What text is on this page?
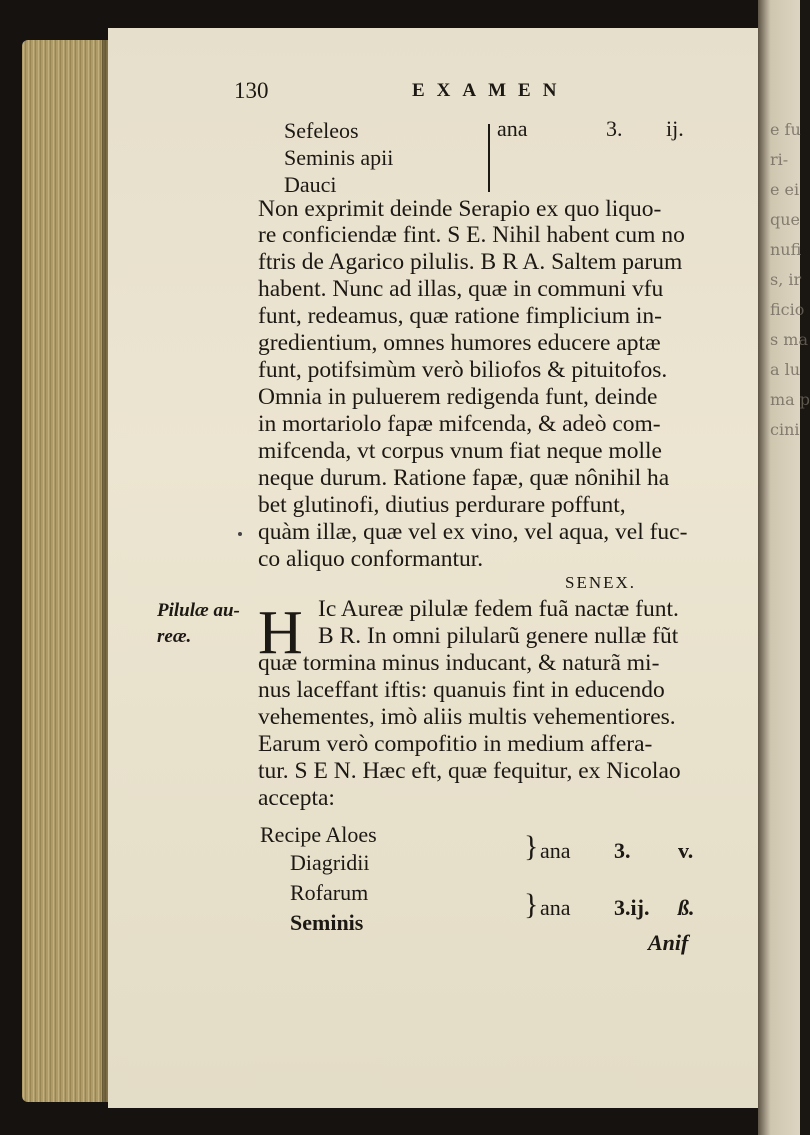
e fu
ri-
e ei
que
nufi
s, ir
ficio
s ma
a lu
ma p
cini
130	EXAMEN
Sefeleos
Seminis apii
Dauci
ana	3. ij.
Non exprimit deinde Serapio ex quo liquo-
re conficiendæ fint. S E. Nihil habent cum no
ftris de Agarico pilulis. B R A. Saltem parum
habent. Nunc ad illas, quæ in communi vfu
funt, redeamus, quæ ratione fimplicium in-
gredientium, omnes humores educere aptæ
funt, potifsimùm verò biliofos & pituitofos.
Omnia in puluerem redigenda funt, deinde
in mortariolo fapæ mifcenda, & adeò com-
mifcenda, vt corpus vnum fiat neque molle
neque durum. Ratione fapæ, quæ nônihil ha
bet glutinofi, diutius perdurare poffunt,
quàm illæ, quæ vel ex vino, vel aqua, vel fuc-
co aliquo conformantur.
SENEX.
Pilulæ au-
reæ. H Ic Aureæ pilulæ fedem fuã nactæ funt.
B R. In omni pilularũ genere nullæ fũt
quæ tormina minus inducant, & naturã mi-
nus laceffant iftis: quanuis fint in educendo
vehementes, imò aliis multis vehementiores.
Earum verò compofitio in medium affera-
tur. S E N. Hæc eft, quæ fequitur, ex Nicolao
accepta:
Recipe Aloes
Diagridii
Rofarum
Seminis
} ana 3. v.
} ana 3.ij. ß.
Anif
